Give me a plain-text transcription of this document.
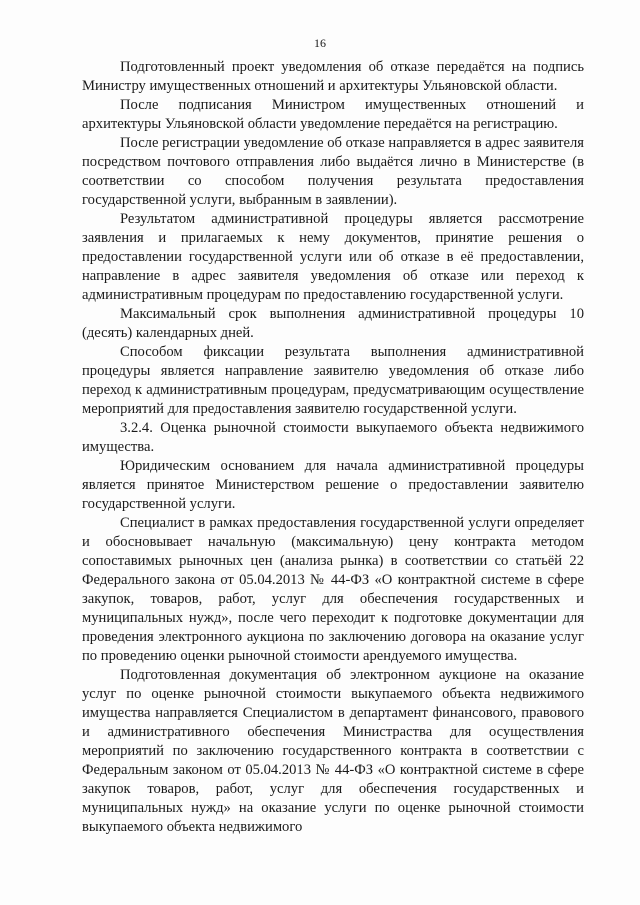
16

Подготовленный проект уведомления об отказе передаётся на подпись Министру имущественных отношений и архитектуры Ульяновской области.

После подписания Министром имущественных отношений и архитектуры Ульяновской области уведомление передаётся на регистрацию.

После регистрации уведомление об отказе направляется в адрес заявителя посредством почтового отправления либо выдаётся лично в Министерстве (в соответствии со способом получения результата предоставления государственной услуги, выбранным в заявлении).

Результатом административной процедуры является рассмотрение заявления и прилагаемых к нему документов, принятие решения о предоставлении государственной услуги или об отказе в её предоставлении, направление в адрес заявителя уведомления об отказе или переход к административным процедурам по предоставлению государственной услуги.

Максимальный срок выполнения административной процедуры 10 (десять) календарных дней.

Способом фиксации результата выполнения административной процедуры является направление заявителю уведомления об отказе либо переход к административным процедурам, предусматривающим осуществление мероприятий для предоставления заявителю государственной услуги.

3.2.4. Оценка рыночной стоимости выкупаемого объекта недвижимого имущества.

Юридическим основанием для начала административной процедуры является принятое Министерством решение о предоставлении заявителю государственной услуги.

Специалист в рамках предоставления государственной услуги определяет и обосновывает начальную (максимальную) цену контракта методом сопоставимых рыночных цен (анализа рынка) в соответствии со статьёй 22 Федерального закона от 05.04.2013 № 44-ФЗ «О контрактной системе в сфере закупок, товаров, работ, услуг для обеспечения государственных и муниципальных нужд», после чего переходит к подготовке документации для проведения электронного аукциона по заключению договора на оказание услуг по проведению оценки рыночной стоимости арендуемого имущества.

Подготовленная документация об электронном аукционе на оказание услуг по оценке рыночной стоимости выкупаемого объекта недвижимого имущества направляется Специалистом в департамент финансового, правового и административного обеспечения Министраства для осуществления мероприятий по заключению государственного контракта в соответствии с Федеральным законом от 05.04.2013 № 44-ФЗ «О контрактной системе в сфере закупок товаров, работ, услуг для обеспечения государственных и муниципальных нужд» на оказание услуги по оценке рыночной стоимости выкупаемого объекта недвижимого
